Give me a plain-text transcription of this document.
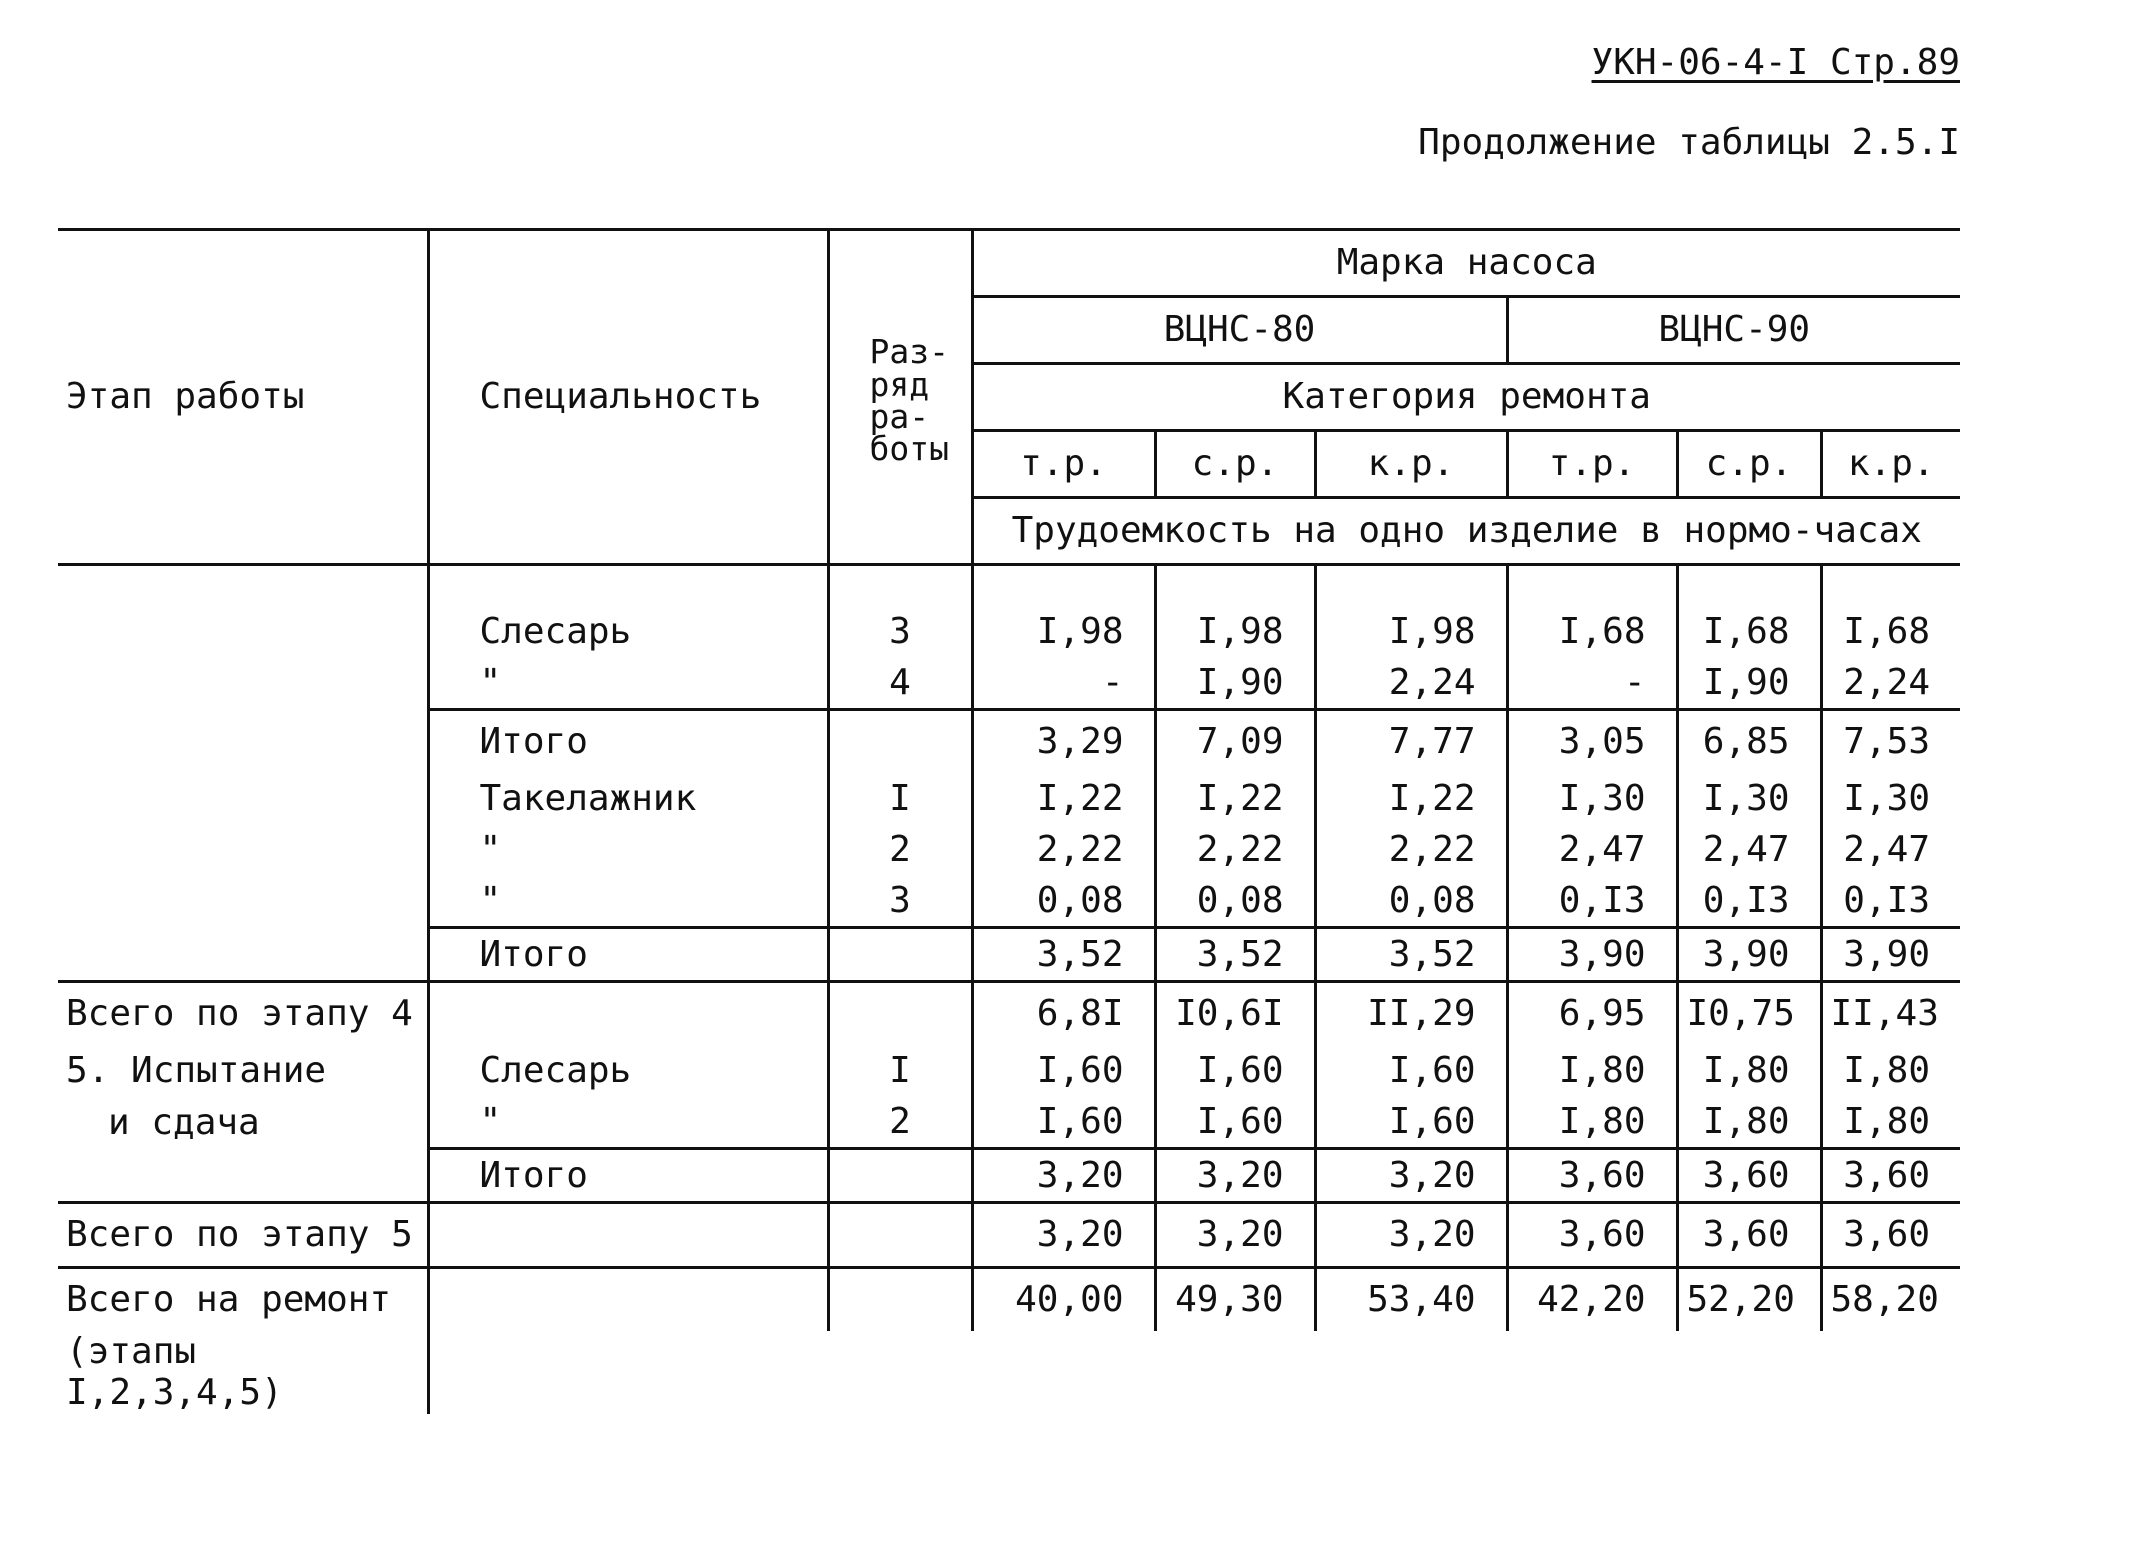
УКН-06-4-I Стр.89
Продолжение таблицы 2.5.I
Этап работы	Специальность	Раз-
ряд
ра-
боты	Марка насоса					
			ВЦНС-80			ВЦНС-90		
			Категория ремонта					
			т.р.	с.р.	к.р.	т.р.	с.р.	к.р.
			Трудоемкость на одно изделие в нормо-часах					

	Слесарь	3	I,98	I,98	I,98	I,68	I,68	I,68
	"	4	-	I,90	2,24	-	I,90	2,24
	Итого		3,29	7,09	7,77	3,05	6,85	7,53
	Такелажник	I	I,22	I,22	I,22	I,30	I,30	I,30
	"	2	2,22	2,22	2,22	2,47	2,47	2,47
	"	3	0,08	0,08	0,08	0,I3	0,I3	0,I3
	Итого		3,52	3,52	3,52	3,90	3,90	3,90
Всего по этапу 4			6,8I	I0,6I	II,29	6,95	I0,75	II,43
5. Испытание	Слесарь	I	I,60	I,60	I,60	I,80	I,80	I,80
и сдача	"	2	I,60	I,60	I,60	I,80	I,80	I,80
	Итого		3,20	3,20	3,20	3,60	3,60	3,60
Всего по этапу 5			3,20	3,20	3,20	3,60	3,60	3,60
Всего на ремонт			40,00	49,30	53,40	42,20	52,20	58,20
(этапы I,2,3,4,5)								
